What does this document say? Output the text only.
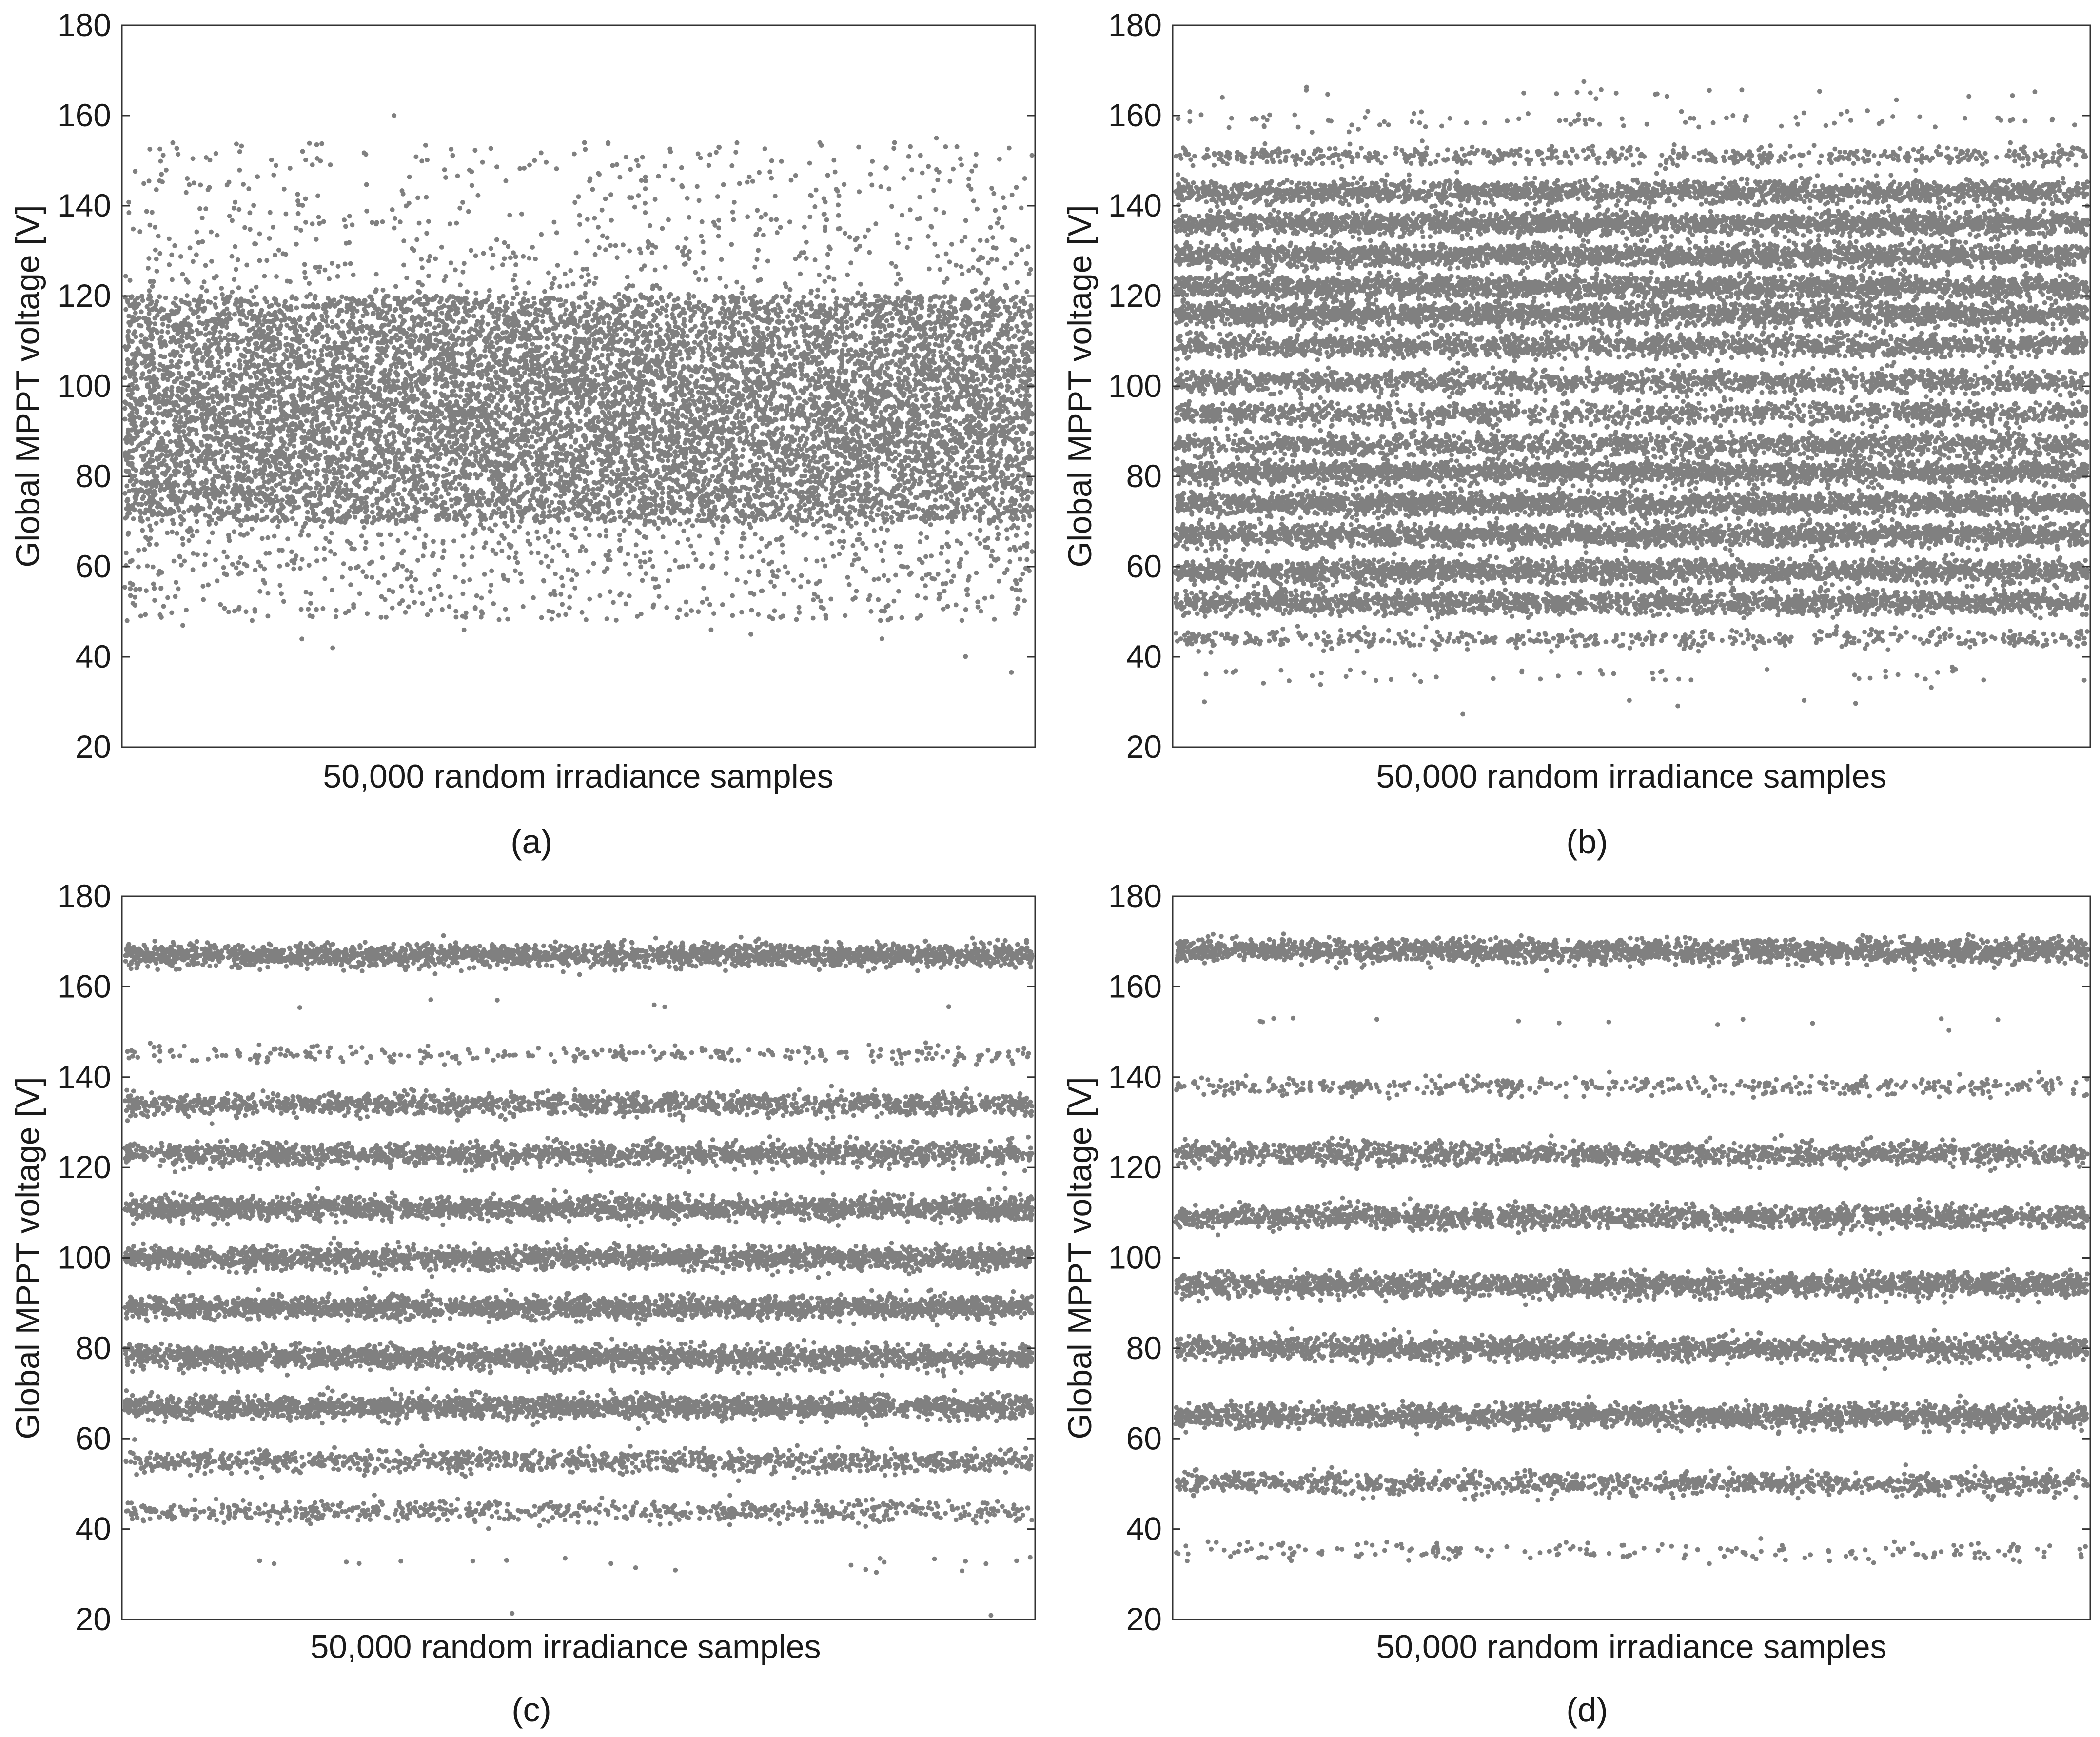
20
40
60
80
100
120
140
160
180
Global MPPT voltage [V]
50,000 random irradiance samples
(a)
20
40
60
80
100
120
140
160
180
Global MPPT voltage [V]
50,000 random irradiance samples
(b)
20
40
60
80
100
120
140
160
180
Global MPPT voltage [V]
50,000 random irradiance samples
(c)
20
40
60
80
100
120
140
160
180
Global MPPT voltage [V]
50,000 random irradiance samples
(d)
